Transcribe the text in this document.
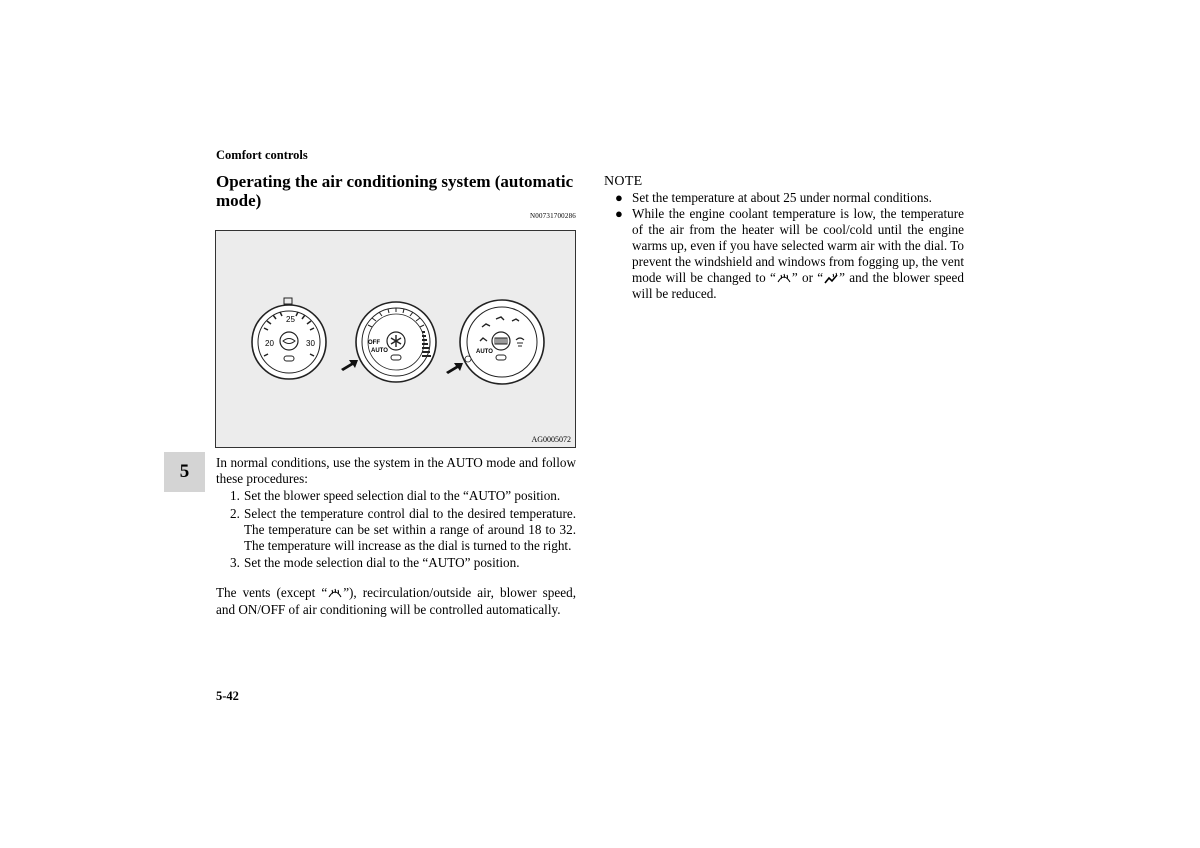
Comfort controls
Operating the air conditioning system (automatic mode)
N00731700286
25
20	30	OFF
AUTO	AUTO
AG0005072
5	In normal conditions, use the system in the AUTO mode and follow these procedures:

1. Set the blower speed selection dial to the “AUTO” position.
2. Select the temperature control dial to the desired temperature. The temperature can be set within a range of around 18 to 32. The temperature will increase as the dial is turned to the right.
3. Set the mode selection dial to the “AUTO” position.

The vents (except “ ”), recirculation/outside air, blower speed, and ON/OFF of air conditioning will be controlled automatically.

NOTE
● Set the temperature at about 25 under normal conditions.
● While the engine coolant temperature is low, the temperature of the air from the heater will be cool/cold until the engine warms up, even if you have selected warm air with the dial. To prevent the windshield and windows from fogging up, the vent mode will be changed to “ ” or “ ” and the blower speed will be reduced.
5-42
